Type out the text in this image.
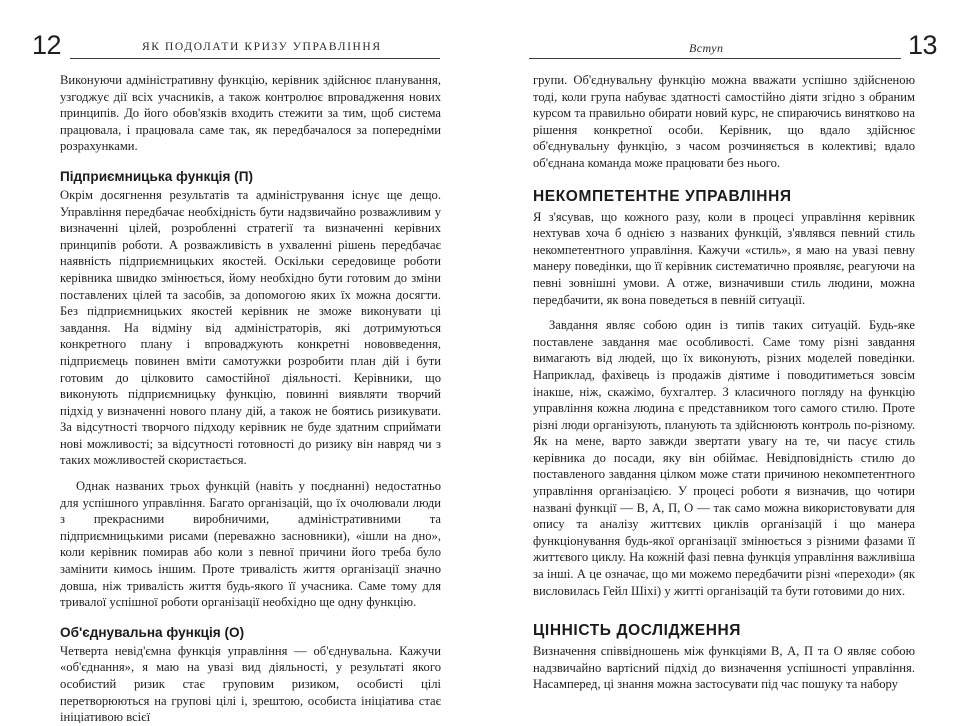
12	ЯК ПОДОЛАТИ КРИЗУ УПРАВЛІННЯ

Виконуючи адміністративну функцію, керівник здійснює планування, узгоджує дії всіх учасників, а також контролює впровадження нових принципів. До його обов'язків входить стежити за тим, щоб система працювала, і працювала саме так, як передбачалося за попередніми розрахунками.

Підприємницька функція (П)

Окрім досягнення результатів та адміністрування існує ще дещо. Управління передбачає необхідність бути надзвичайно розважливим у визначенні цілей, розробленні стратегії та визначенні керівних принципів роботи. А розважливість в ухваленні рішень передбачає наявність підприємницьких якостей. Оскільки середовище роботи керівника швидко змінюється, йому необхідно бути готовим до зміни поставлених цілей та засобів, за допомогою яких їх можна досягти. Без підприємницьких якостей керівник не зможе виконувати ці завдання. На відміну від адміністраторів, які дотримуються конкретного плану і впроваджують конкретні нововведення, підприємець повинен вміти самотужки розробити план дій і бути готовим до цілковито самостійної діяльності. Керівники, що виконують підприємницьку функцію, повинні виявляти творчий підхід у визначенні нового плану дій, а також не боятись ризикувати. За відсутності творчого підходу керівник не буде здатним сприймати нові можливості; за відсутності готовності до ризику він навряд чи з таких можливостей скористається.

Однак названих трьох функцій (навіть у поєднанні) недостатньо для успішного управління. Багато організацій, що їх очолювали люди з прекрасними виробничими, адміністративними та підприємницькими рисами (переважно засновники), «ішли на дно», коли керівник помирав або коли з певної причини його треба було замінити кимось іншим. Проте тривалість життя організації значно довша, ніж тривалість життя будь-якого її учасника. Саме тому для тривалої успішної роботи організації необхідно ще одну функцію.

Об'єднувальна функція (О)

Четверта невід'ємна функція управління — об'єднувальна. Кажучи «об'єднання», я маю на увазі вид діяльності, у результаті якого особистий ризик стає груповим ризиком, особисті цілі перетворюються на групові цілі і, зрештою, особиста ініціатива стає ініціативою всієї

Вступ	13

групи. Об'єднувальну функцію можна вважати успішно здійсненою тоді, коли група набуває здатності самостійно діяти згідно з обраним курсом та правильно обирати новий курс, не спираючись винятково на рішення конкретної особи. Керівник, що вдало здійснює об'єднувальну функцію, з часом розчиняється в колективі; вдало об'єднана команда може працювати без нього.

НЕКОМПЕТЕНТНЕ УПРАВЛІННЯ

Я з'ясував, що кожного разу, коли в процесі управління керівник нехтував хоча б однією з названих функцій, з'являвся певний стиль некомпетентного управління. Кажучи «стиль», я маю на увазі певну манеру поведінки, що її керівник систематично проявляє, реагуючи на певні зовнішні умови. А отже, визначивши стиль людини, можна передбачити, як вона поведеться в певній ситуації.

Завдання являє собою один із типів таких ситуацій. Будь-яке поставлене завдання має особливості. Саме тому різні завдання вимагають від людей, що їх виконують, різних моделей поведінки. Наприклад, фахівець із продажів діятиме і поводитиметься зовсім інакше, ніж, скажімо, бухгалтер. З класичного погляду на функцію управління кожна людина є представником того самого стилю. Проте різні люди організують, планують та здійснюють контроль по-різному. Як на мене, варто завжди звертати увагу на те, чи пасує стиль керівника до посади, яку він обіймає. Невідповідність стилю до поставленого завдання цілком може стати причиною некомпетентного управління організацією. У процесі роботи я визначив, що чотири названі функції — В, А, П, О — так само можна використовувати для опису та аналізу життєвих циклів організацій і що манера функціонування будь-якої організації змінюється з різними фазами її життєвого циклу. На кожній фазі певна функція управління важливіша за інші. А це означає, що ми можемо передбачити різні «переходи» (як висловилась Гейл Шіхі) у житті організацій та бути готовими до них.

ЦІННІСТЬ ДОСЛІДЖЕННЯ

Визначення співвідношень між функціями В, А, П та О являє собою надзвичайно вартісний підхід до визначення успішності управління. Насамперед, ці знання можна застосувати під час пошуку та набору
